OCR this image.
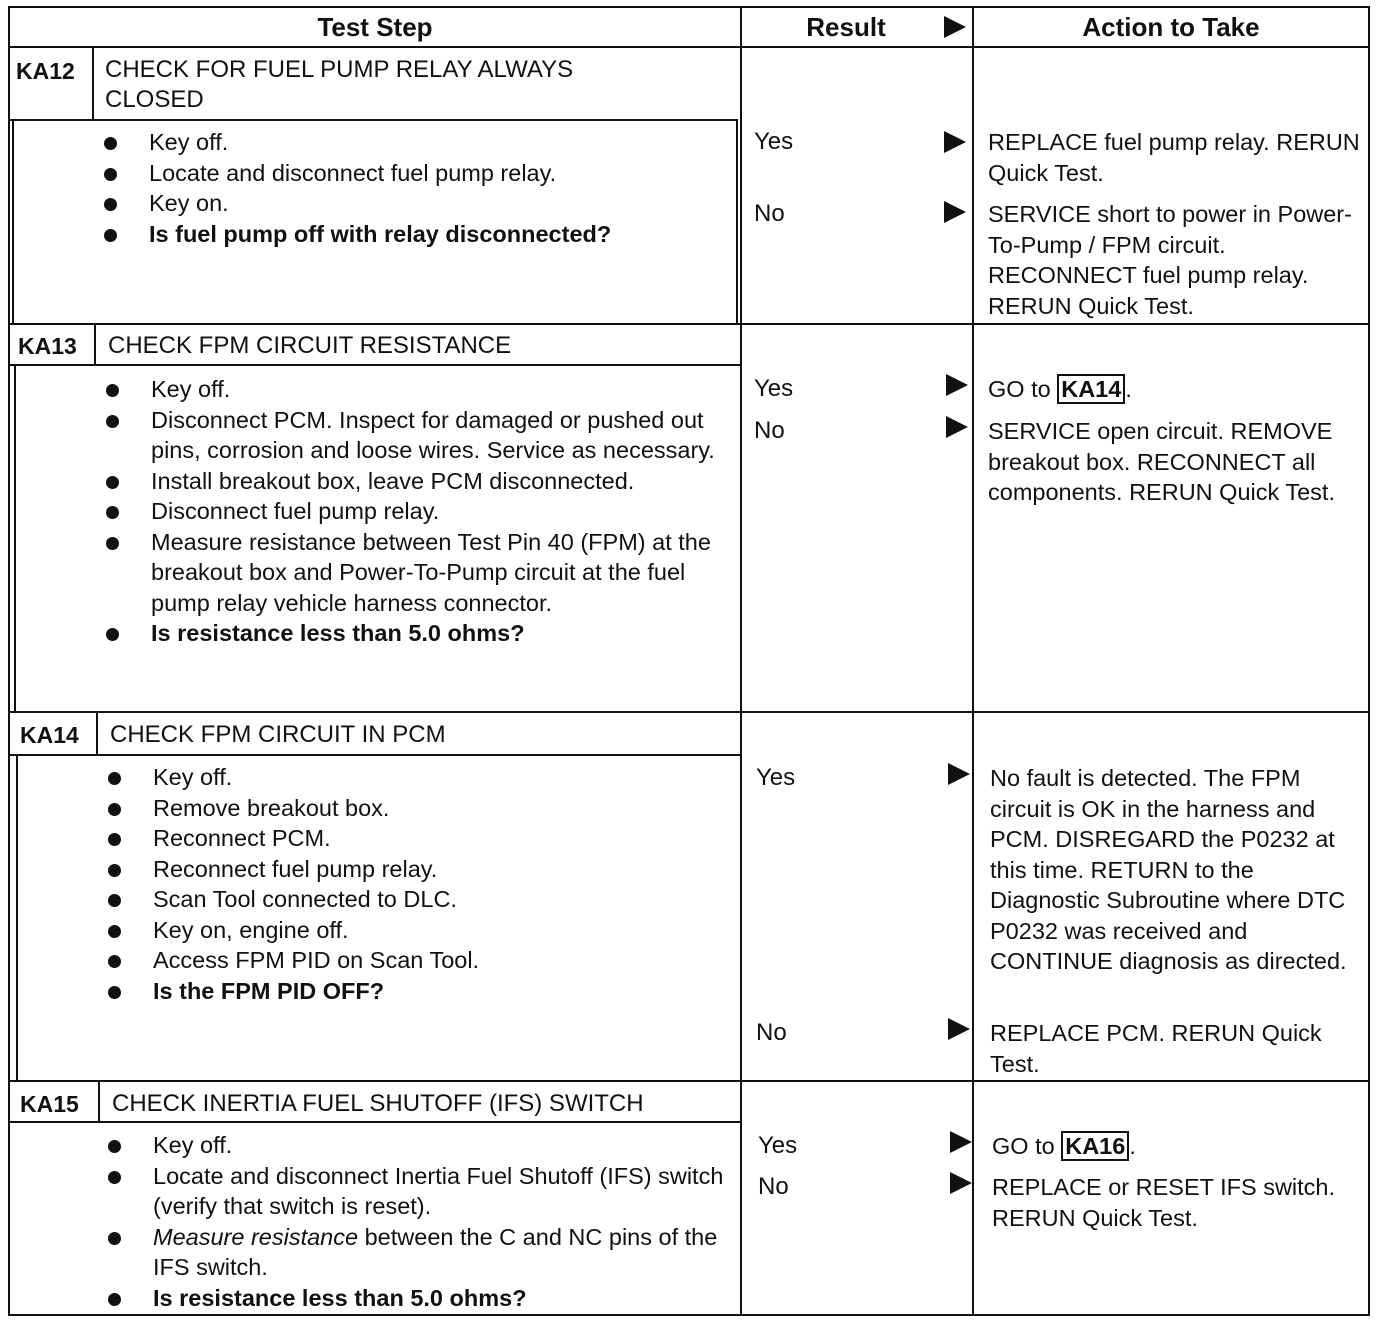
Test Step	Result	Action to Take
KA12 CHECK FOR FUEL PUMP RELAY ALWAYS CLOSED
Key off.
Locate and disconnect fuel pump relay.
Key on.
Is fuel pump off with relay disconnected?
Yes	REPLACE fuel pump relay. RERUN Quick Test.
No	SERVICE short to power in Power-To-Pump / FPM circuit. RECONNECT fuel pump relay. RERUN Quick Test.
KA13 CHECK FPM CIRCUIT RESISTANCE
Key off.
Disconnect PCM. Inspect for damaged or pushed out pins, corrosion and loose wires. Service as necessary.
Install breakout box, leave PCM disconnected.
Disconnect fuel pump relay.
Measure resistance between Test Pin 40 (FPM) at the breakout box and Power-To-Pump circuit at the fuel pump relay vehicle harness connector.
Is resistance less than 5.0 ohms?
Yes	GO to KA14 .
No	SERVICE open circuit. REMOVE breakout box. RECONNECT all components. RERUN Quick Test.
KA14 CHECK FPM CIRCUIT IN PCM
Key off.
Remove breakout box.
Reconnect PCM.
Reconnect fuel pump relay.
Scan Tool connected to DLC.
Key on, engine off.
Access FPM PID on Scan Tool.
Is the FPM PID OFF?
Yes	No fault is detected. The FPM circuit is OK in the harness and PCM. DISREGARD the P0232 at this time. RETURN to the Diagnostic Subroutine where DTC P0232 was received and CONTINUE diagnosis as directed.
No	REPLACE PCM. RERUN Quick Test.
KA15 CHECK INERTIA FUEL SHUTOFF (IFS) SWITCH
Key off.
Locate and disconnect Inertia Fuel Shutoff (IFS) switch (verify that switch is reset).
Measure resistance between the C and NC pins of the IFS switch.
Is resistance less than 5.0 ohms?
Yes	GO to KA16 .
No	REPLACE or RESET IFS switch. RERUN Quick Test.
